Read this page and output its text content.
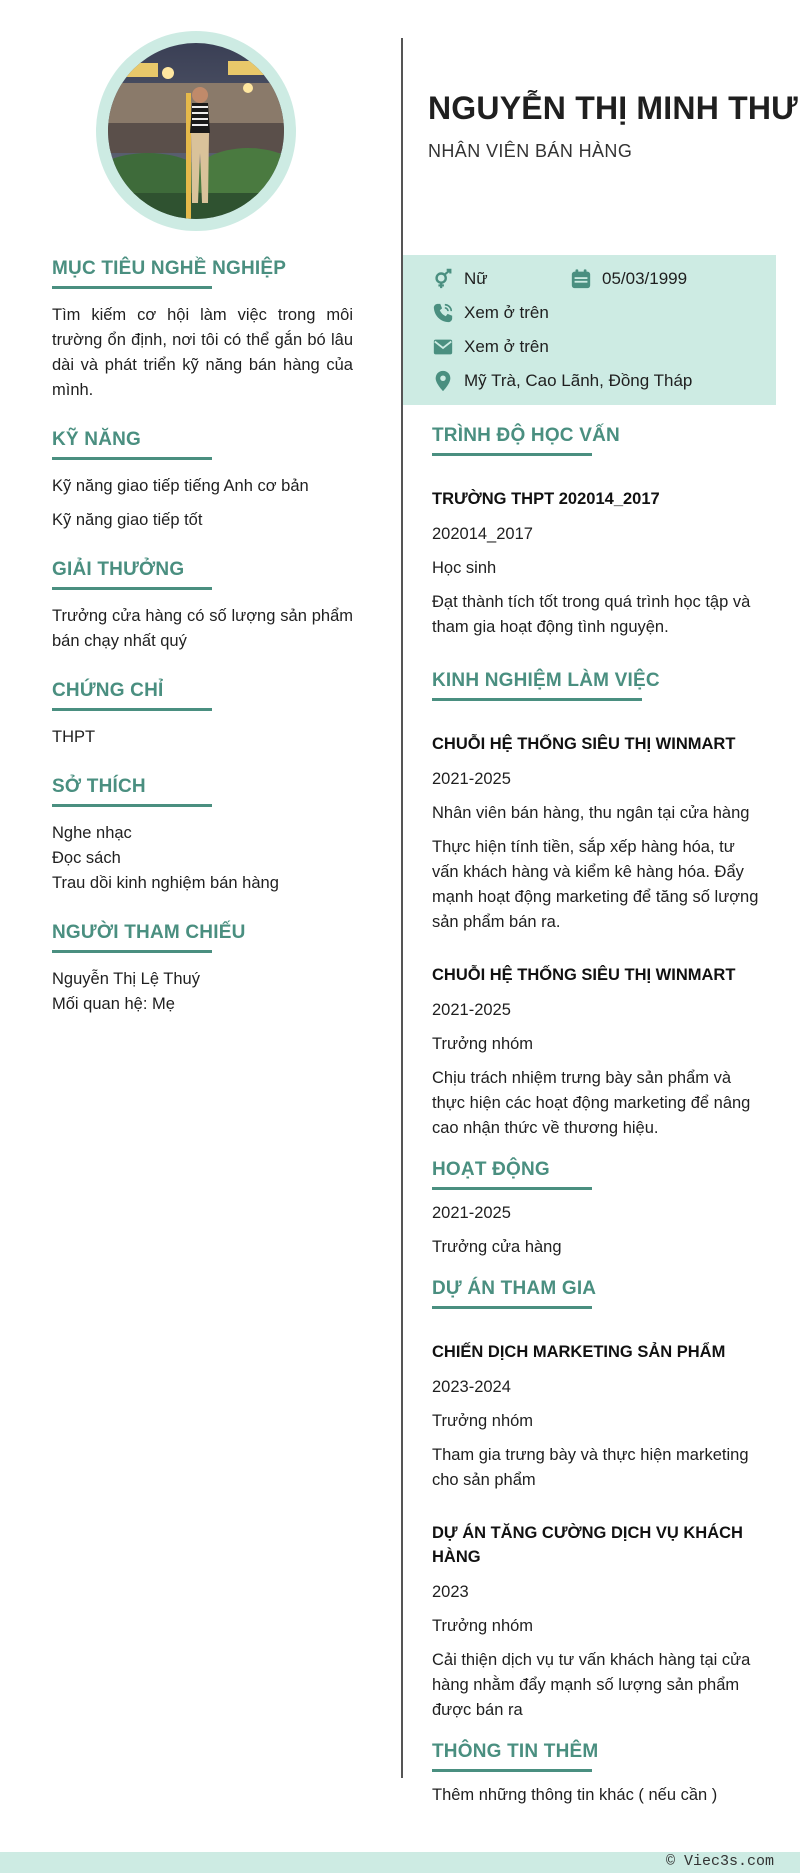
MỤC TIÊU NGHỀ NGHIỆP

Tìm kiếm cơ hội làm việc trong môi trường ổn định, nơi tôi có thể gắn bó lâu dài và phát triển kỹ năng bán hàng của mình.

KỸ NĂNG

Kỹ năng giao tiếp tiếng Anh cơ bản

Kỹ năng giao tiếp tốt

GIẢI THƯỞNG

Trưởng cửa hàng có số lượng sản phẩm bán chạy nhất quý

CHỨNG CHỈ

THPT

SỞ THÍCH

Nghe nhạc

Đọc sách

Trau dồi kinh nghiệm bán hàng

NGƯỜI THAM CHIẾU

Nguyễn Thị Lệ Thuý

Mối quan hệ: Mẹ

NGUYỄN THỊ MINH THƯ
NHÂN VIÊN BÁN HÀNG
Nữ	05/03/1999
Xem ở trên
Xem ở trên
Mỹ Trà, Cao Lãnh, Đồng Tháp
TRÌNH ĐỘ HỌC VẤN
TRƯỜNG THPT 202014_2017

202014_2017

Học sinh

Đạt thành tích tốt trong quá trình học tập và tham gia hoạt động tình nguyện.

KINH NGHIỆM LÀM VIỆC
CHUỖI HỆ THỐNG SIÊU THỊ WINMART

2021-2025

Nhân viên bán hàng, thu ngân tại cửa hàng

Thực hiện tính tiền, sắp xếp hàng hóa, tư vấn khách hàng và kiểm kê hàng hóa. Đẩy mạnh hoạt động marketing để tăng số lượng sản phẩm bán ra.

CHUỖI HỆ THỐNG SIÊU THỊ WINMART

2021-2025

Trưởng nhóm

Chịu trách nhiệm trưng bày sản phẩm và thực hiện các hoạt động marketing để nâng cao nhận thức về thương hiệu.

HOẠT ĐỘNG

2021-2025

Trưởng cửa hàng

DỰ ÁN THAM GIA
CHIẾN DỊCH MARKETING SẢN PHẨM

2023-2024

Trưởng nhóm

Tham gia trưng bày và thực hiện marketing cho sản phẩm

DỰ ÁN TĂNG CƯỜNG DỊCH VỤ KHÁCH HÀNG

2023

Trưởng nhóm

Cải thiện dịch vụ tư vấn khách hàng tại cửa hàng nhằm đẩy mạnh số lượng sản phẩm được bán ra

THÔNG TIN THÊM

Thêm những thông tin khác ( nếu cần )

© Viec3s.com
